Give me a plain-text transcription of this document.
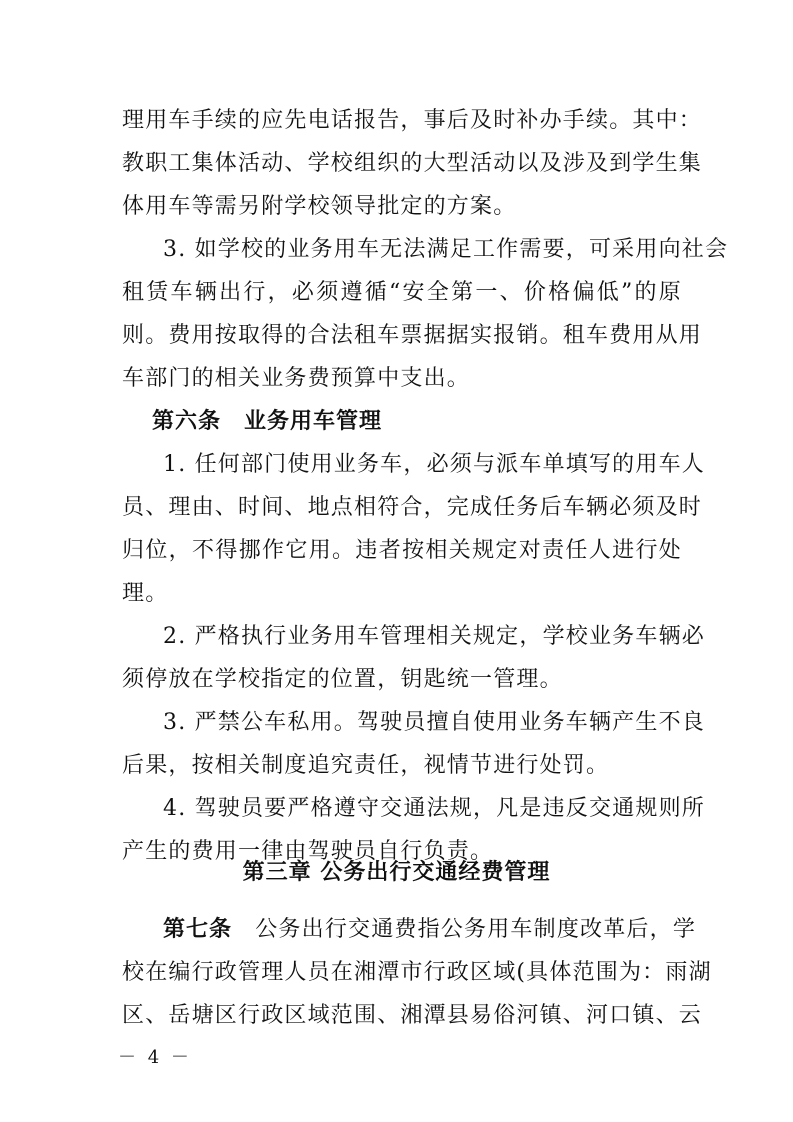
理用车手续的应先电话报告，事后及时补办手续。其中：
教职工集体活动、学校组织的大型活动以及涉及到学生集
体用车等需另附学校领导批定的方案。
3. 如学校的业务用车无法满足工作需要，可采用向社会
租赁车辆出行，必须遵循“安全第一、价格偏低”的原
则。费用按取得的合法租车票据据实报销。租车费用从用
车部门的相关业务费预算中支出。
第六条　业务用车管理
1. 任何部门使用业务车，必须与派车单填写的用车人
员、理由、时间、地点相符合，完成任务后车辆必须及时
归位，不得挪作它用。违者按相关规定对责任人进行处
理。
2. 严格执行业务用车管理相关规定，学校业务车辆必
须停放在学校指定的位置，钥匙统一管理。
3. 严禁公车私用。驾驶员擅自使用业务车辆产生不良
后果，按相关制度追究责任，视情节进行处罚。
4. 驾驶员要严格遵守交通法规，凡是违反交通规则所
产生的费用一律由驾驶员自行负责。
第三章 公务出行交通经费管理
第七条 　公务出行交通费指公务用车制度改革后，学
校在编行政管理人员在湘潭市行政区域(具体范围为：雨湖
－ 4 －
区、岳塘区行政区域范围、湘潭县易俗河镇、河口镇、云
